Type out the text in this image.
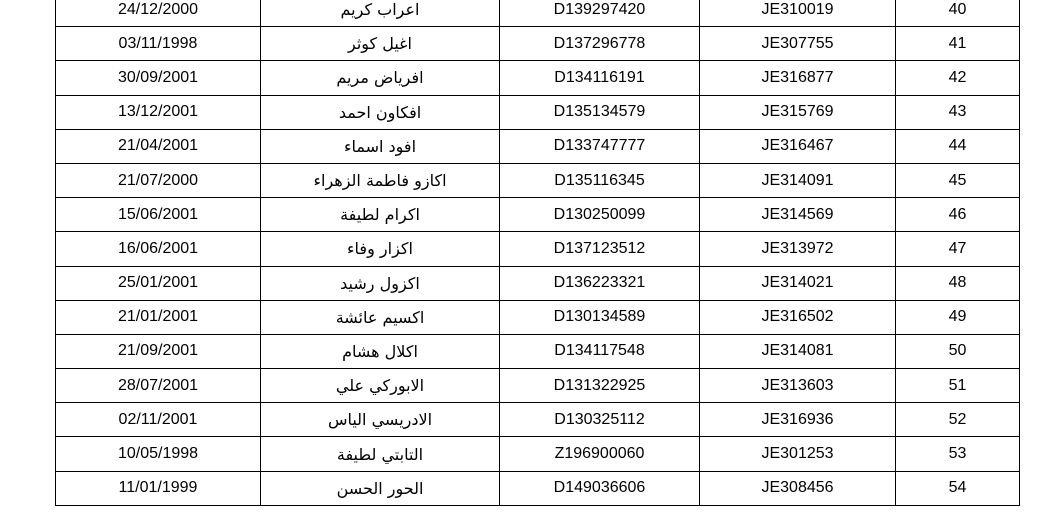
24/12/2000	اعراب كريم	D139297420	JE310019	40
03/11/1998	اغيل كوثر	D137296778	JE307755	41
30/09/2001	افرياض مريم	D134116191	JE316877	42
13/12/2001	افكاون احمد	D135134579	JE315769	43
21/04/2001	افود اسماء	D133747777	JE316467	44
21/07/2000	اكازو فاطمة الزهراء	D135116345	JE314091	45
15/06/2001	اكرام لطيفة	D130250099	JE314569	46
16/06/2001	اكزار وفاء	D137123512	JE313972	47
25/01/2001	اكزول رشيد	D136223321	JE314021	48
21/01/2001	اكسيم عائشة	D130134589	JE316502	49
21/09/2001	اكلال هشام	D134117548	JE314081	50
28/07/2001	الابوركي علي	D131322925	JE313603	51
02/11/2001	الادريسي الياس	D130325112	JE316936	52
10/05/1998	التابتي لطيفة	Z196900060	JE301253	53
11/01/1999	الحور الحسن	D149036606	JE308456	54
